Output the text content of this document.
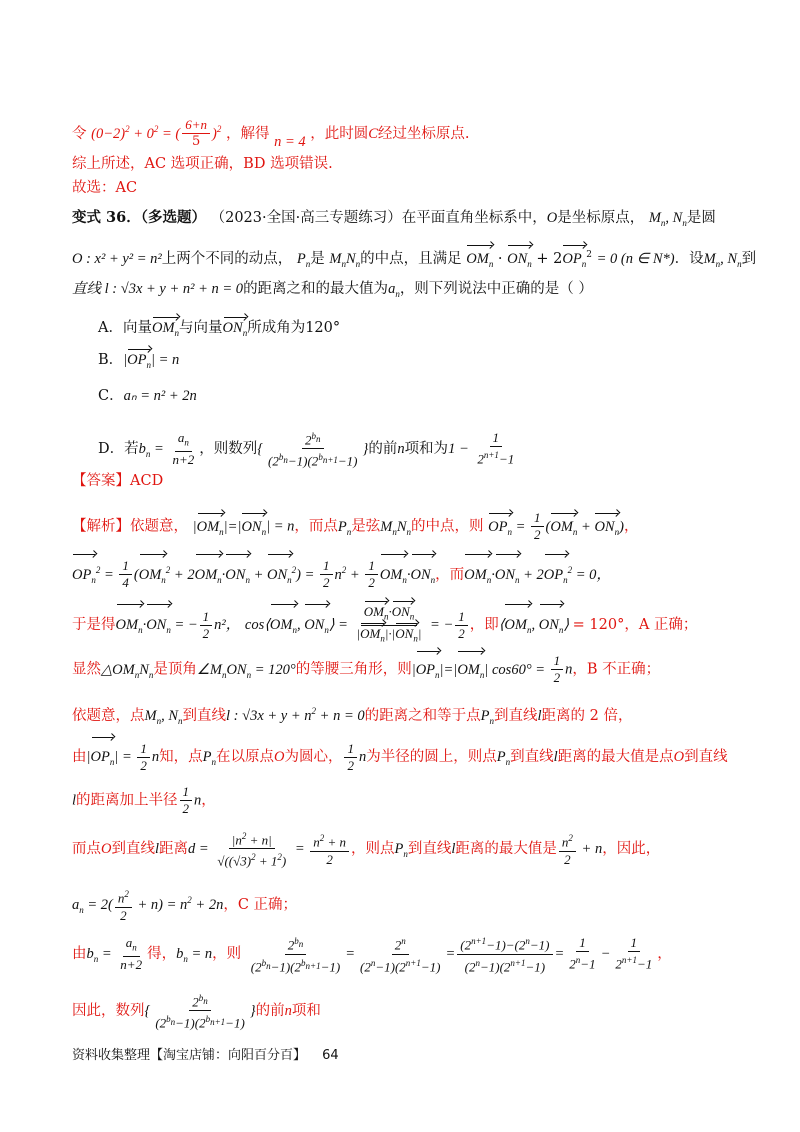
令 $(0-2)^2 + 0^2$ = ( $\frac{6+n}{5} )^2$ ，解得 n = 4 ，此时圆C经过坐标原点.
综上所述，AC 选项正确，BD 选项错误.
故选：AC
变式 36．（多选题） （2023·全国·高三专题练习）在平面直角坐标系中，O是坐标原点， $M_n$, $N_n$是圆
O : x² + y² = n²上两个不同的动点， $P_n$是 $M_nN_n$的中点，且满足 $OM_n \cdot ON_n + 2OP_n^2 = 0$ (n ∈ N*)．设$M_n$, $N_n$到
直线 l : √3x + y + n² + n = 0的距离之和的最大值为$a_n$，则下列说法中正确的是（ ）
A．向量$OM_n$与向量$ON_n$所成角为120°
B．$|OP_n| = n$
C．aₙ = n² + 2n
D．若$b_n = \frac{a_n}{n+2}$ ，则数列{ $\frac{2^{b_n}}{(2^{b_n}-1)(2^{b_{n+1}}-1)}$ }的前n项和为$1 - \frac{1}{2^{n+1}-1}$
【答案】ACD
【解析】依题意， $|OM_n|=|ON_n| = n$，而点$P_n$是弦$M_nN_n$的中点，则 $OP_n = \frac{1}{2} (OM_n + ON_n)$，
$OP_n^2 = \frac{1}{4} (OM_n^2 + 2OM_n\cdot ON_n + ON_n^2) = \frac{1}{2} n^2 + \frac{1}{2} OM_n\cdot ON_n$，而$OM_n\cdot ON_n + 2OP_n^2 = 0$，
于是得$OM_n\cdot ON_n$ = − $\frac{1}{2} n^2$， $\cos⟨OM_n$, $ON_n⟩ = \frac{OM_n\cdot ON_n}{|OM_n|\cdot|ON_n|}$ = − $\frac{1}{2}$ ，即$⟨OM_n$, $ON_n⟩ = 120^\circ$，A 正确；
显然$\triangle OM_nN_n$是顶角$\angle M_nON_n = 120^\circ$的等腰三角形，则$|OP_n|=|OM_n|$ $\cos 60^\circ = \frac{1}{2}$ n，B 不正确；
依题意，点$M_n$, $N_n$到直线l : $√3x + y + n^2 + n = 0$的距离之和等于点$P_n$到直线l距离的 2 倍，
由$|OP_n| = \frac{1}{2}$ n知，点$P_n$在以原点O为圆心， $\frac{1}{2}$ n为半径的圆上，则点$P_n$到直线l距离的最大值是点O到直线
l的距离加上半径 $\frac{1}{2}$ n，
而点O到直线l距离$d = \frac{|n^2 + n|}{√((√3)^2 + 1^2)} = \frac{n^2 + n}{2}$ ，则点$P_n$到直线l距离的最大值是 $\frac{n^2}{2} + n$，因此，
$a_n = 2( \frac{n^2}{2} + n) = n^2 + 2n$，C 正确；
由$b_n = \frac{a_n}{n+2}$ 得，$b_n = n$，则 $\frac{2^{b_n}}{(2^{b_n}-1)(2^{b_{n+1}}-1)} = \frac{2^n}{(2^n-1)(2^{n+1}-1)} = \frac{(2^{n+1}-1)-(2^n-1)}{(2^n-1)(2^{n+1}-1)} = \frac{1}{2^n-1} - \frac{1}{2^{n+1}-1}$ ，
因此，数列{ $\frac{2^{b_n}}{(2^{b_n}-1)(2^{b_{n+1}}-1)}$ }的前n项和
资料收集整理【淘宝店铺：向阳百分百】 64
